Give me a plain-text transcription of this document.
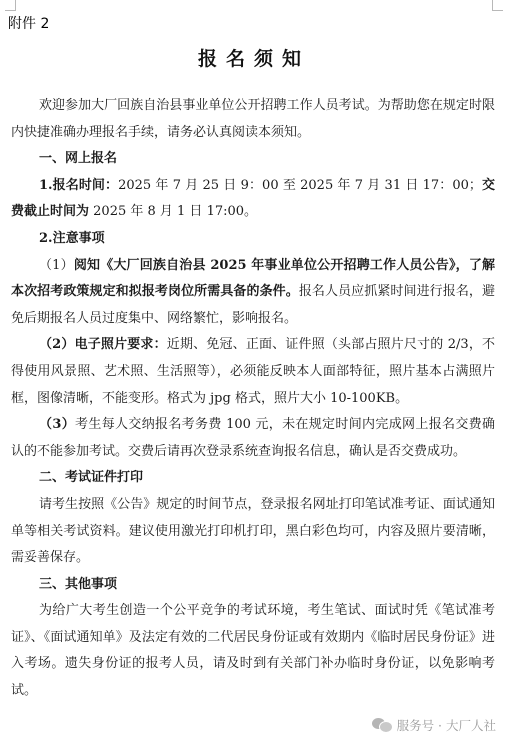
附件 2
报名须知

欢迎参加大厂回族自治县事业单位公开招聘工作人员考试。为帮助您在规定时限内快捷准确办理报名手续，请务必认真阅读本须知。

一、网上报名

1.报名时间：2025 年 7 月 25 日 9：00 至 2025 年 7 月 31 日 17：00；交费截止时间为 2025 年 8 月 1 日 17:00。

2.注意事项

（1）阅知《大厂回族自治县 2025 年事业单位公开招聘工作人员公告》，了解本次招考政策规定和拟报考岗位所需具备的条件。报名人员应抓紧时间进行报名，避免后期报名人员过度集中、网络繁忙，影响报名。

（2）电子照片要求：近期、免冠、正面、证件照（头部占照片尺寸的 2/3，不得使用风景照、艺术照、生活照等），必须能反映本人面部特征，照片基本占满照片框，图像清晰，不能变形。格式为 jpg 格式，照片大小 10-100KB。

（3）考生每人交纳报名考务费 100 元，未在规定时间内完成网上报名交费确认的不能参加考试。交费后请再次登录系统查询报名信息，确认是否交费成功。

二、考试证件打印

请考生按照《公告》规定的时间节点，登录报名网址打印笔试准考证、面试通知单等相关考试资料。建议使用激光打印机打印，黑白彩色均可，内容及照片要清晰，需妥善保存。

三、其他事项

为给广大考生创造一个公平竞争的考试环境，考生笔试、面试时凭《笔试准考证》、《面试通知单》及法定有效的二代居民身份证或有效期内《临时居民身份证》进入考场。遗失身份证的报考人员，请及时到有关部门补办临时身份证，以免影响考试。

服务号 · 大厂人社
